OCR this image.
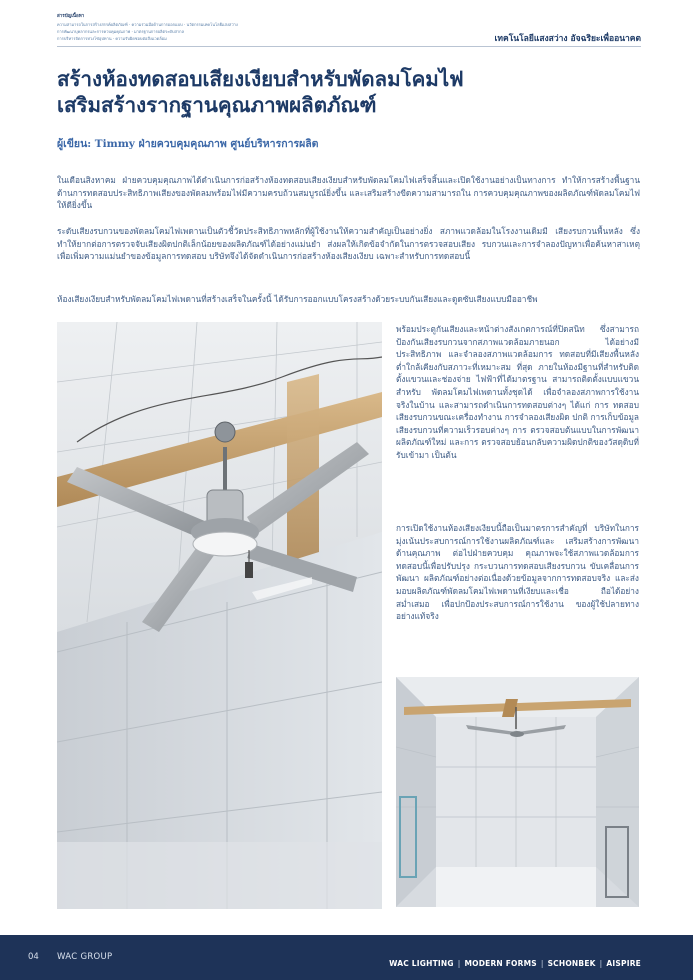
สารบัญเนื้อหา
ความสามารถในการสร้างสรรค์ผลิตภัณฑ์ · ความร่วมมือด้านการออกแบบ · นวัตกรรมเทคโนโลยีแสงสว่าง
การพัฒนาบุคลากรและการควบคุมคุณภาพ · มาตรฐานการผลิตระดับสากล
การบริหารจัดการห่วงโซ่อุปทาน · ความรับผิดชอบต่อสิ่งแวดล้อม	เทคโนโลยีแสงสว่าง อัจฉริยะเพื่ออนาคต
สร้างห้องทดสอบเสียงเงียบสำหรับพัดลมโคมไฟ
เสริมสร้างรากฐานคุณภาพผลิตภัณฑ์
ผู้เขียน: Timmy ฝ่ายควบคุมคุณภาพ ศูนย์บริหารการผลิต
ในเดือนสิงหาคม ฝ่ายควบคุมคุณภาพได้ดำเนินการก่อสร้างห้องทดสอบเสียงเงียบสำหรับพัดลมโคมไฟเสร็จสิ้นและเปิดใช้งานอย่างเป็นทางการ ทำให้การสร้างพื้นฐานด้านการทดสอบประสิทธิภาพเสียงของพัดลมพร้อมไฟมีความครบถ้วนสมบูรณ์ยิ่งขึ้น และเสริมสร้างขีดความสามารถใน การควบคุมคุณภาพของผลิตภัณฑ์พัดลมโคมไฟให้ดียิ่งขึ้น
ระดับเสียงรบกวนของพัดลมโคมไฟเพดานเป็นตัวชี้วัดประสิทธิภาพหลักที่ผู้ใช้งานให้ความสำคัญเป็นอย่างยิ่ง สภาพแวดล้อมในโรงงานเดิมมี เสียงรบกวนพื้นหลัง ซึ่งทำให้ยากต่อการตรวจจับเสียงผิดปกติเล็กน้อยของผลิตภัณฑ์ได้อย่างแม่นยำ ส่งผลให้เกิดข้อจำกัดในการตรวจสอบเสียง รบกวนและการจำลองปัญหาเพื่อค้นหาสาเหตุ เพื่อเพิ่มความแม่นยำของข้อมูลการทดสอบ บริษัทจึงได้จัดดำเนินการก่อสร้างห้องเสียงเงียบ เฉพาะสำหรับการทดสอบนี้
ห้องเสียงเงียบสำหรับพัดลมโคมไฟเพดานที่สร้างเสร็จในครั้งนี้ ได้รับการออกแบบโครงสร้างด้วยระบบกันเสียงและดูดซับเสียงแบบมืออาชีพ
พร้อมประตูกันเสียงและหน้าต่างสังเกตการณ์ที่ปิดสนิท ซึ่งสามารถป้องกันเสียงรบกวนจากสภาพแวดล้อมภายนอก ได้อย่างมีประสิทธิภาพ และจำลองสภาพแวดล้อมการ ทดสอบที่มีเสียงพื้นหลังต่ำใกล้เคียงกับสภาวะที่เหมาะสม ที่สุด ภายในห้องมีฐานที่สำหรับติดตั้งแขวนและช่องจ่าย ไฟฟ้าที่ได้มาตรฐาน สามารถติดตั้งแบบแขวนสำหรับ พัดลมโคมไฟเพดานทั้งชุดได้ เพื่อจำลองสภาพการใช้งาน จริงในบ้าน และสามารถดำเนินการทดสอบต่างๆ ได้แก่ การ ทดสอบเสียงรบกวนขณะเครื่องทำงาน การจำลองเสียงผิด ปกติ การเก็บข้อมูลเสียงรบกวนที่ความเร็วรอบต่างๆ การ ตรวจสอบต้นแบบในการพัฒนาผลิตภัณฑ์ใหม่ และการ ตรวจสอบย้อนกลับความผิดปกติของวัสดุดิบที่รับเข้ามา เป็นต้น
การเปิดใช้งานห้องเสียงเงียบนี้ถือเป็นมาตรการสำคัญที่ บริษัทในการมุ่งเน้นประสบการณ์การใช้งานผลิตภัณฑ์และ เสริมสร้างการพัฒนาด้านคุณภาพ ต่อไปฝ่ายควบคุม คุณภาพจะใช้สภาพแวดล้อมการทดสอบนี้เพื่อปรับปรุง กระบวนการทดสอบเสียงรบกวน ขับเคลื่อนการพัฒนา ผลิตภัณฑ์อย่างต่อเนื่องด้วยข้อมูลจากการทดสอบจริง และส่งมอบผลิตภัณฑ์พัดลมโคมไฟเพดานที่เงียบและเชื่อ ถือได้อย่างสม่ำเสมอ เพื่อปกป้องประสบการณ์การใช้งาน ของผู้ใช้ปลายทางอย่างแท้จริง
04 WAC GROUP
WAC LIGHTING | MODERN FORMS | SCHONBEK | AISPIRE
